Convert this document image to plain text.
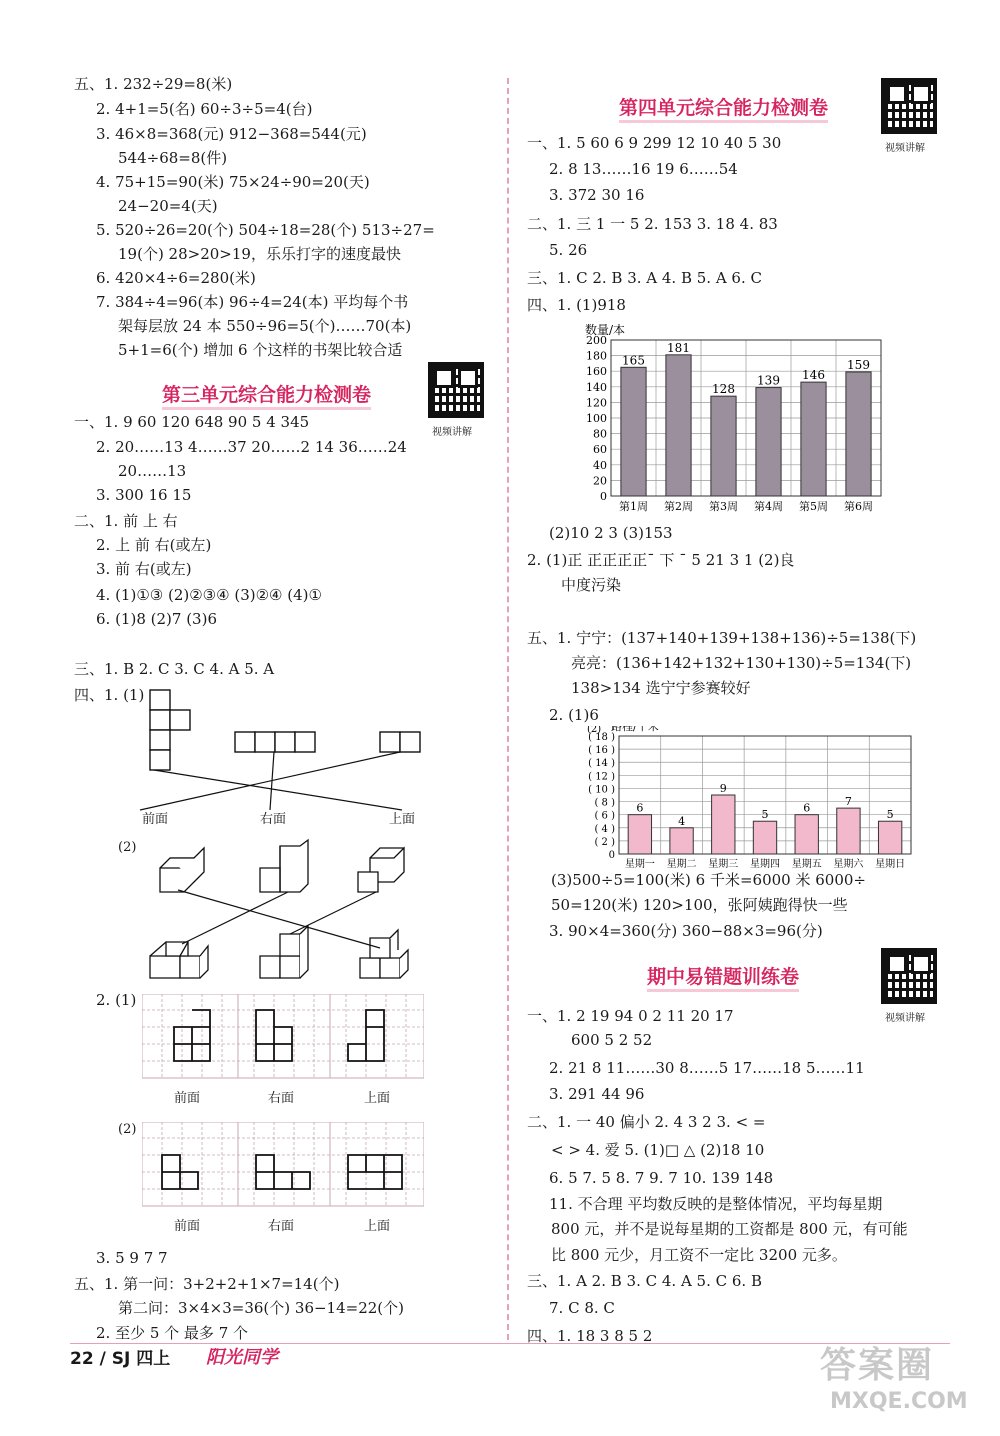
五、1. 232÷29=8(米)
2. 4+1=5(名) 60÷3÷5=4(台)
3. 46×8=368(元) 912−368=544(元)
544÷68=8(件)
4. 75+15=90(米) 75×24÷90=20(天)
24−20=4(天)
5. 520÷26=20(个) 504÷18=28(个) 513÷27=
19(个) 28>20>19，乐乐打字的速度最快
6. 420×4÷6=280(米)
7. 384÷4=96(本) 96÷4=24(本) 平均每个书
架每层放 24 本 550÷96=5(个)……70(本)
5+1=6(个) 增加 6 个这样的书架比较合适
第三单元综合能力检测卷
视频讲解
一、1. 9 60 120 648 90 5 4 345
2. 20……13 4……37 20……2 14 36……24
20……13
3. 300 16 15
二、1. 前 上 右
2. 上 前 右(或左)
3. 前 右(或左)
4. (1)①③ (2)②③④ (3)②④ (4)①
6. (1)8 (2)7 (3)6
三、1. B 2. C 3. C 4. A 5. A
四、1. (1)
前面	右面	上面
(2)
2. (1)
前面	右面	上面
(2)
前面	右面	上面
3. 5 9 7 7
五、1. 第一问：3+2+2+1×7=14(个)
第二问：3×4×3=36(个) 36−14=22(个)
2. 至少 5 个 最多 7 个
第四单元综合能力检测卷
视频讲解
一、1. 5 60 6 9 299 12 10 40 5 30
2. 8 13……16 19 6……54
3. 372 30 16
二、1. 三 1 一 5 2. 153 3. 18 4. 83
5. 26
三、1. C 2. B 3. A 4. B 5. A 6. C
四、1. (1)918
0
20
40
60
80
100
120
140
160
180
200
165
第1周
181
第2周
128
第3周
139
第4周
146
第5周
159
第6周
数量/本
(2)10 2 3 (3)153
2. (1)正 正正正正¯ 下 ¯ 5 21 3 1 (2)良
中度污染
五、1. 宁宁：(137+140+139+138+136)÷5=138(下)
亮亮：(136+142+132+130+130)÷5=134(下)
138>134 选宁宁参赛较好
2. (1)6
0
( 2 )
( 4 )
( 6 )
( 8 )
( 10 )
( 12 )
( 14 )
( 16 )
( 18 )
6
星期一
4
星期二
9
星期三
5
星期四
6
星期五
7
星期六
5
星期日
(2) 路程/千米
(3)500÷5=100(米) 6 千米=6000 米 6000÷
50=120(米) 120>100，张阿姨跑得快一些
3. 90×4=360(分) 360−88×3=96(分)
期中易错题训练卷
视频讲解
一、1. 2 19 94 0 2 11 20 17
600 5 2 52
2. 21 8 11……30 8……5 17……18 5……11
3. 291 44 96
二、1. 一 40 偏小 2. 4 3 2 3. < =
< > 4. 爱 5. (1)□ △ (2)18 10
6. 5 7. 5 8. 7 9. 7 10. 139 148
11. 不合理 平均数反映的是整体情况，平均每星期
800 元，并不是说每星期的工资都是 800 元，有可能
比 800 元少，月工资不一定比 3200 元多。
三、1. A 2. B 3. C 4. A 5. C 6. B
7. C 8. C
四、1. 18 3 8 5 2
22 / SJ 四上 阳光同学	答案圈
MXQE.COM
